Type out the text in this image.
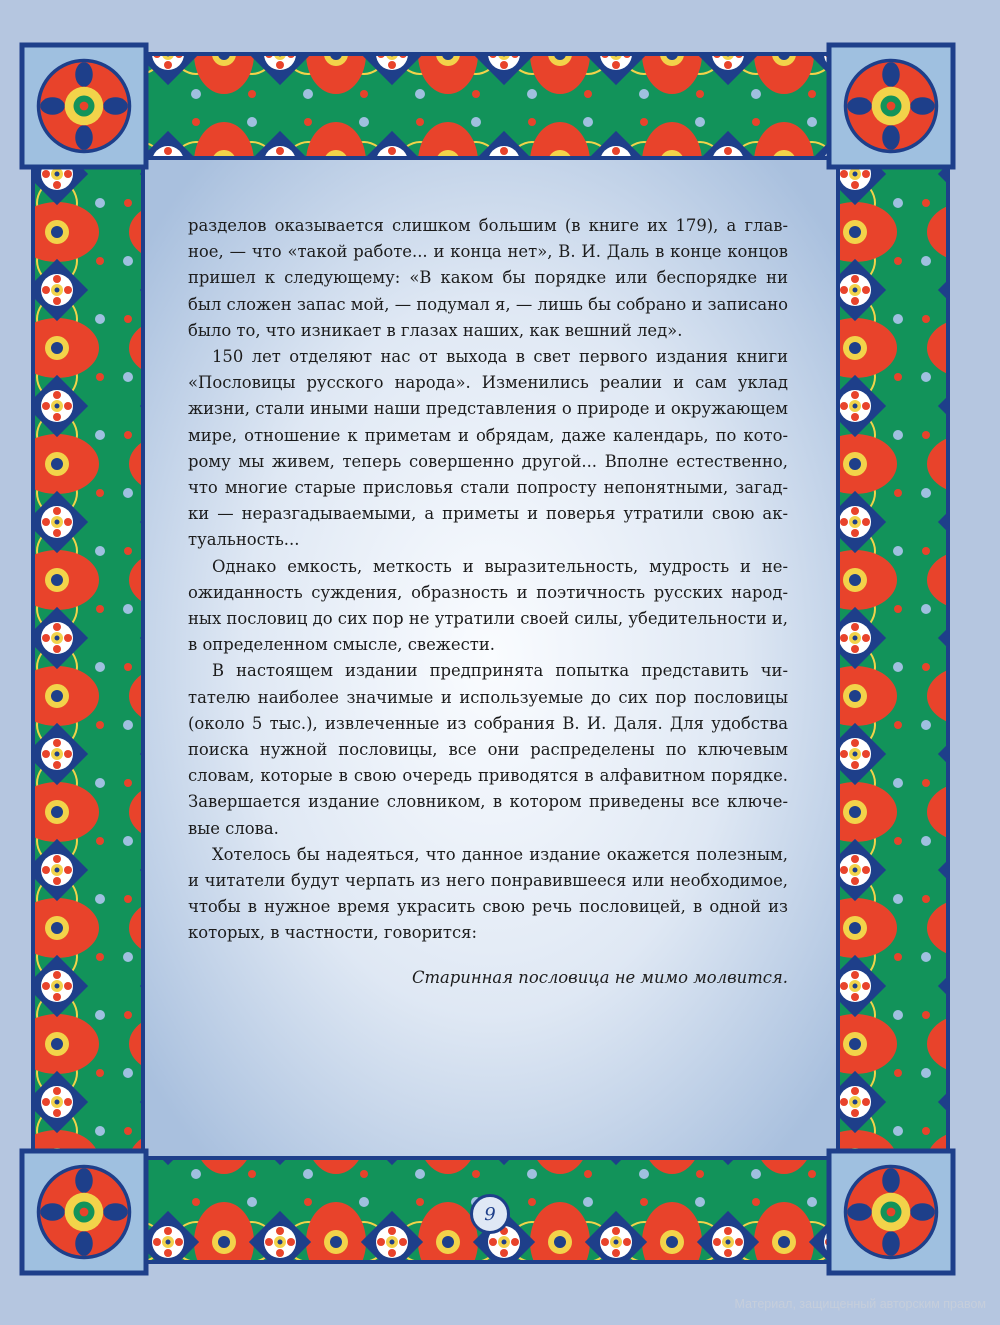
разделов оказывается слишком большим (в книге их 179), а главное, — что «такой работе... и конца нет», В. И. Даль в конце концов пришел к следующему: «В каком бы порядке или беспорядке ни был сложен запас мой, — подумал я, — лишь бы собрано и записано было то, что изникает в глазах наших, как вешний лед».

150 лет отделяют нас от выхода в свет первого издания книги «Пословицы русского народа». Изменились реалии и сам уклад жизни, стали иными наши представления о природе и окружающем мире, отношение к приметам и обрядам, даже календарь, по которому мы живем, теперь совершенно другой... Вполне естественно, что многие старые присловья стали попросту непонятными, загадки — неразгадываемыми, а приметы и поверья утратили свою актуальность...

Однако емкость, меткость и выразительность, мудрость и неожиданность суждения, образность и поэтичность русских народных пословиц до сих пор не утратили своей силы, убедительности и, в определенном смысле, свежести.

В настоящем издании предпринята попытка представить читателю наиболее значимые и используемые до сих пор пословицы (около 5 тыс.), извлеченные из собрания В. И. Даля. Для удобства поиска нужной пословицы, все они распределены по ключевым словам, которые в свою очередь приводятся в алфавитном порядке. Завершается издание словником, в котором приведены все ключевые слова.

Хотелось бы надеяться, что данное издание окажется полезным, и читатели будут черпать из него понравившееся или необходимое, чтобы в нужное время украсить свою речь пословицей, в одной из которых, в частности, говорится:

Старинная пословица не мимо молвится.

9
Материал, защищенный авторским правом
